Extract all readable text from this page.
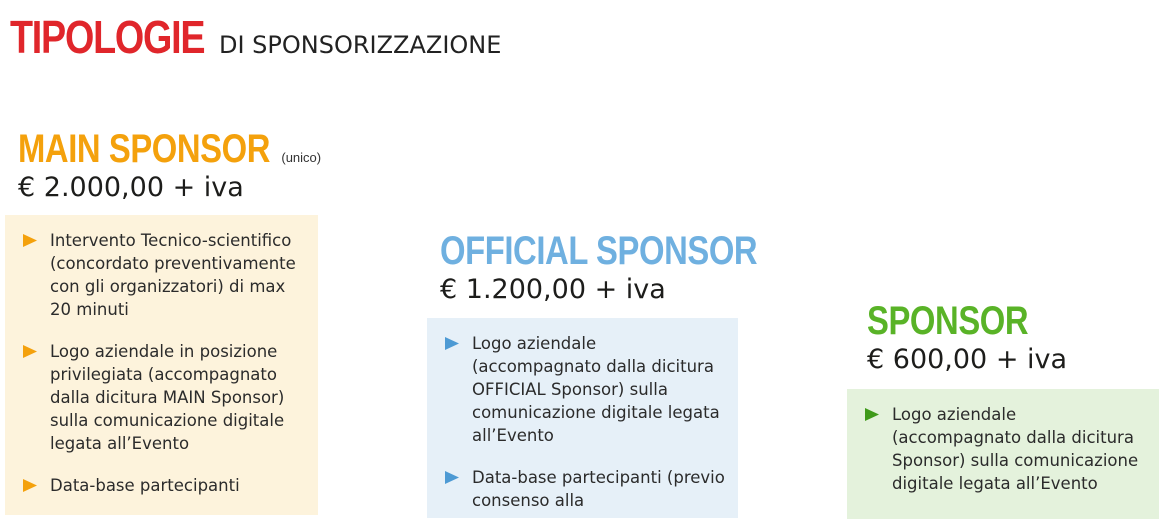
TIPOLOGIE DI SPONSORIZZAZIONE
MAIN SPONSOR (unico)
€ 2.000,00 + iva
Intervento Tecnico-scientifico (concordato preventivamente con gli organizzatori) di max 20 minuti
Logo aziendale in posizione privilegiata (accompagnato dalla dicitura MAIN Sponsor) sulla comunicazione digitale legata all’Evento
Data-base partecipanti
OFFICIAL SPONSOR
€ 1.200,00 + iva
Logo aziendale (accompagnato dalla dicitura OFFICIAL Sponsor) sulla comunicazione digitale legata all’Evento
Data-base partecipanti (previo consenso alla
SPONSOR
€ 600,00 + iva
Logo aziendale (accompagnato dalla dicitura Sponsor) sulla comunicazione digitale legata all’Evento
